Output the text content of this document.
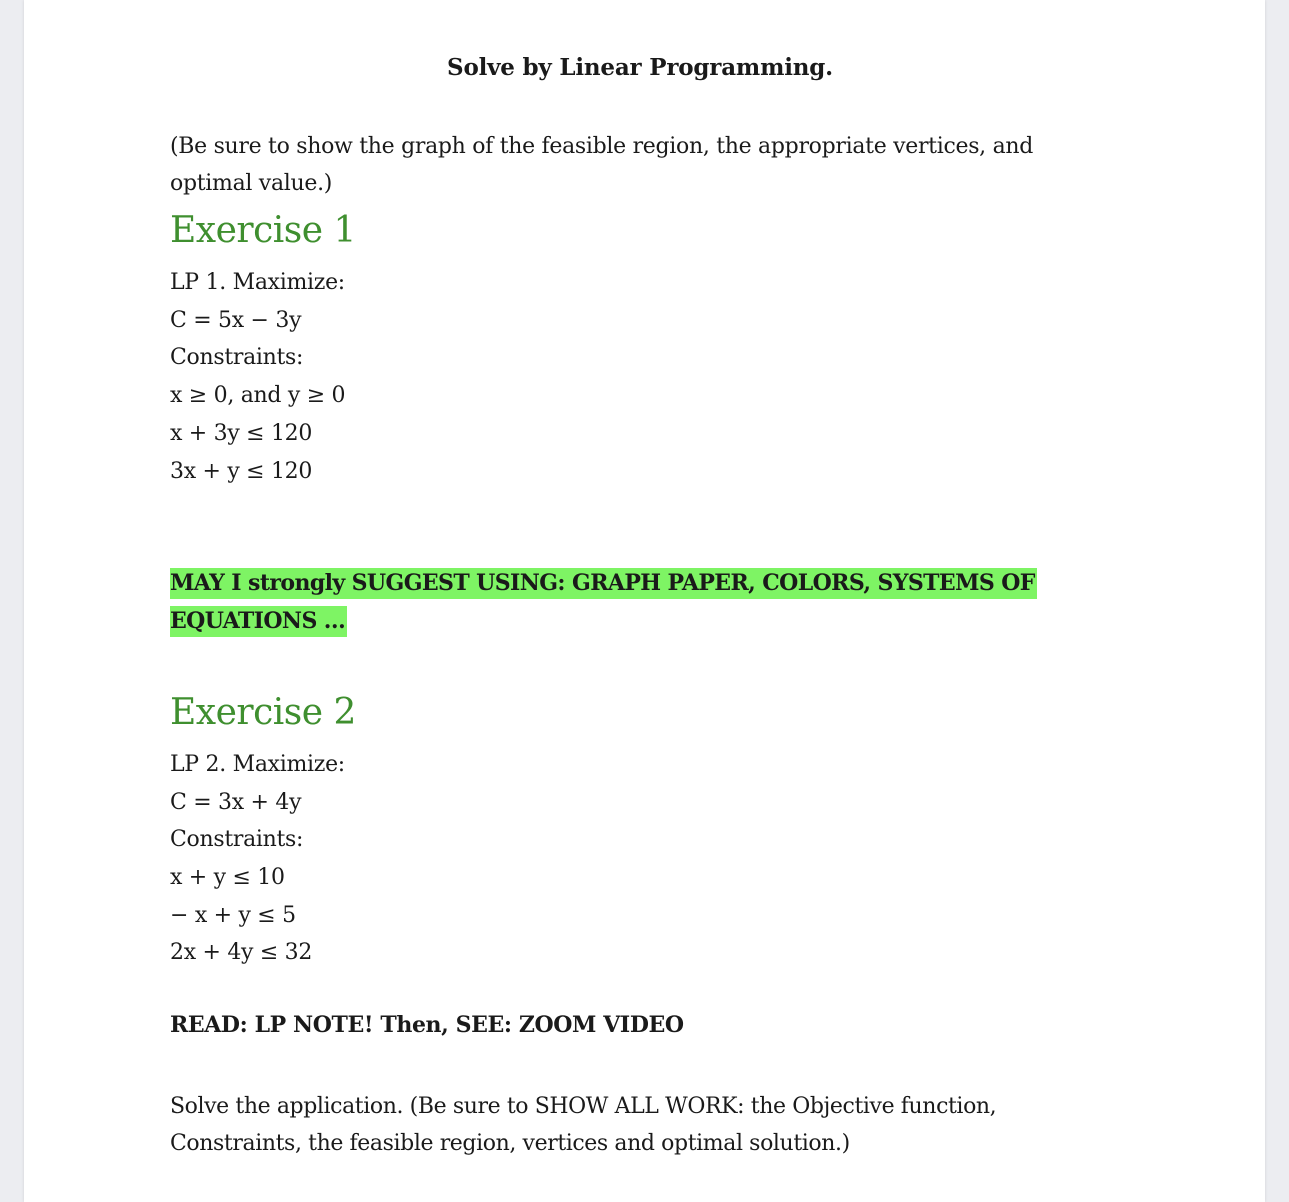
Solve by Linear Programming.

(Be sure to show the graph of the feasible region, the appropriate vertices, and optimal value.)

Exercise 1

LP 1. Maximize:

C = 5x − 3y

Constraints:

x ≥ 0, and y ≥ 0

x + 3y ≤ 120

3x + y ≤ 120

MAY I strongly SUGGEST USING: GRAPH PAPER, COLORS, SYSTEMS OF EQUATIONS …

Exercise 2

LP 2. Maximize:

C = 3x + 4y

Constraints:

x + y ≤ 10

− x + y ≤ 5

2x + 4y ≤ 32

READ: LP NOTE! Then, SEE: ZOOM VIDEO

Solve the application. (Be sure to SHOW ALL WORK: the Objective function, Constraints, the feasible region, vertices and optimal solution.)
